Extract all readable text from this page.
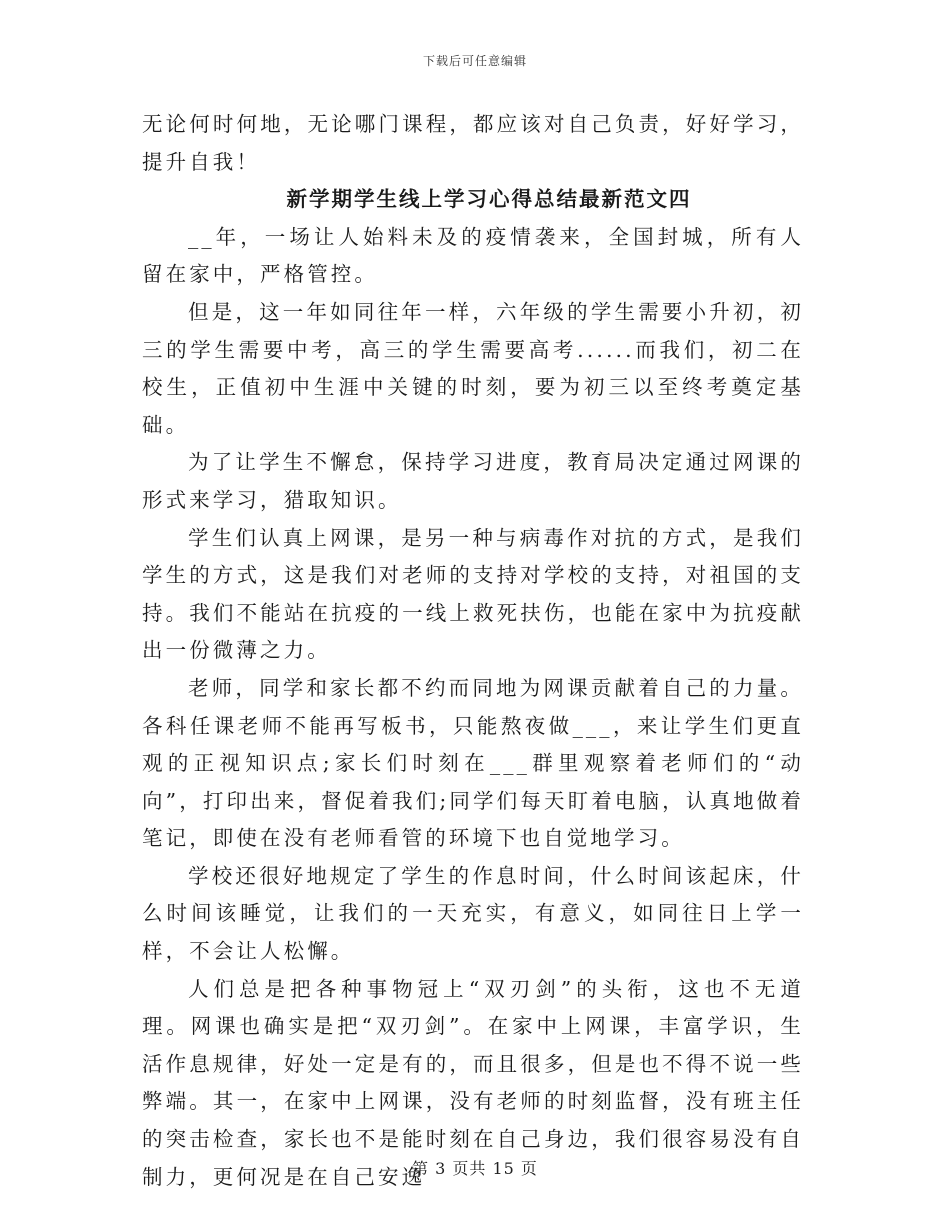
下载后可任意编辑

无论何时何地，无论哪门课程，都应该对自己负责，好好学习，提升自我！

新学期学生线上学习心得总结最新范文四

__年，一场让人始料未及的疫情袭来，全国封城，所有人留在家中，严格管控。

但是，这一年如同往年一样，六年级的学生需要小升初，初三的学生需要中考，高三的学生需要高考......而我们，初二在校生，正值初中生涯中关键的时刻，要为初三以至终考奠定基础。

为了让学生不懈怠，保持学习进度，教育局决定通过网课的形式来学习，猎取知识。

学生们认真上网课，是另一种与病毒作对抗的方式，是我们学生的方式，这是我们对老师的支持对学校的支持，对祖国的支持。我们不能站在抗疫的一线上救死扶伤，也能在家中为抗疫献出一份微薄之力。

老师，同学和家长都不约而同地为网课贡献着自己的力量。各科任课老师不能再写板书，只能熬夜做___，来让学生们更直观的正视知识点;家长们时刻在___群里观察着老师们的“动向”，打印出来，督促着我们;同学们每天盯着电脑，认真地做着笔记，即使在没有老师看管的环境下也自觉地学习。

学校还很好地规定了学生的作息时间，什么时间该起床，什么时间该睡觉，让我们的一天充实，有意义，如同往日上学一样，不会让人松懈。

人们总是把各种事物冠上“双刃剑”的头衔，这也不无道理。网课也确实是把“双刃剑”。在家中上网课，丰富学识，生活作息规律，好处一定是有的，而且很多，但是也不得不说一些弊端。其一，在家中上网课，没有老师的时刻监督，没有班主任的突击检查，家长也不是能时刻在自己身边，我们很容易没有自制力，更何况是在自己安逸

第 3 页共 15 页
